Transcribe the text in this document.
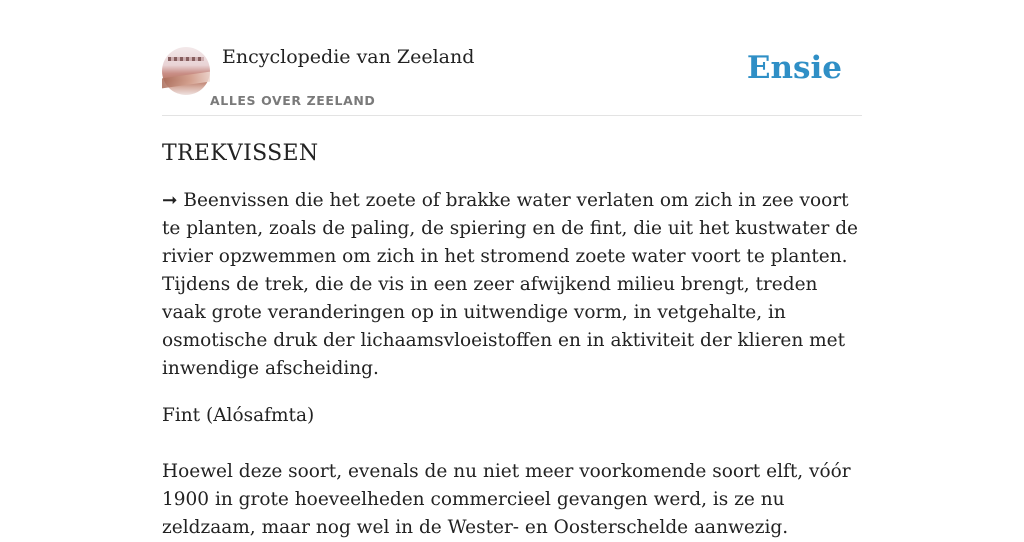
Encyclopedie van Zeeland
ALLES OVER ZEELAND
Ensie
TREKVISSEN

➞ Beenvissen die het zoete of brakke water verlaten om zich in zee voort te planten, zoals de paling, de spiering en de fint, die uit het kustwater de rivier opzwemmen om zich in het stromend zoete water voort te planten. Tijdens de trek, die de vis in een zeer afwijkend milieu brengt, treden vaak grote veranderingen op in uitwendige vorm, in vetgehalte, in osmotische druk der lichaamsvloeistoffen en in aktiviteit der klieren met inwendige afscheiding.

Fint (Alósafmta)

Hoewel deze soort, evenals de nu niet meer voorkomende soort elft, vóór 1900 in grote hoeveelheden commercieel gevangen werd, is ze nu zeldzaam, maar nog wel in de Wester- en Oosterschelde aanwezig.
